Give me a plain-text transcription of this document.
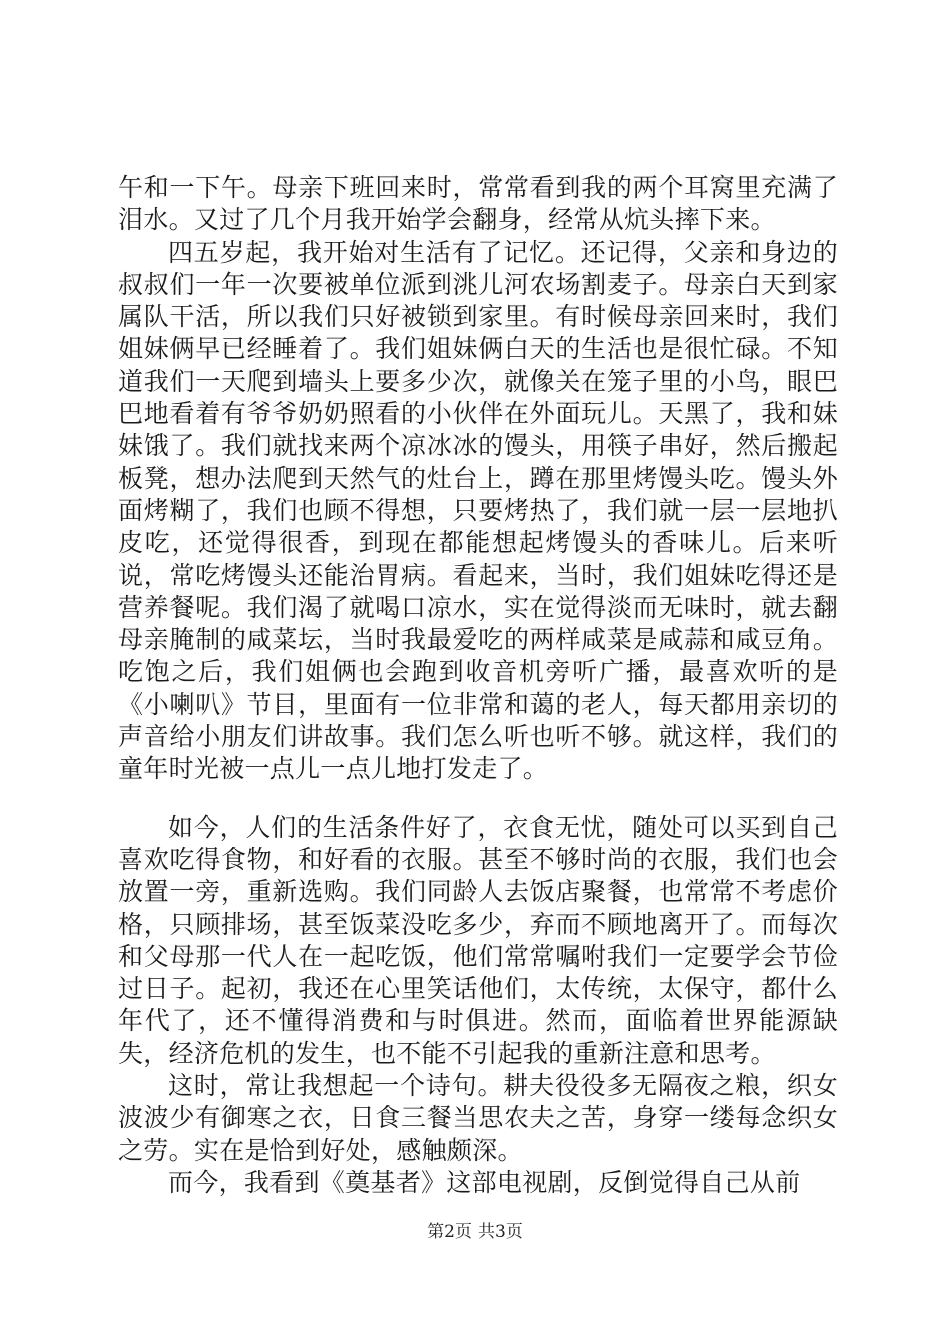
午和一下午。母亲下班回来时，常常看到我的两个耳窝里充满了泪水。又过了几个月我开始学会翻身，经常从炕头摔下来。

四五岁起，我开始对生活有了记忆。还记得，父亲和身边的叔叔们一年一次要被单位派到洮儿河农场割麦子。母亲白天到家属队干活，所以我们只好被锁到家里。有时候母亲回来时，我们姐妹俩早已经睡着了。我们姐妹俩白天的生活也是很忙碌。不知道我们一天爬到墙头上要多少次，就像关在笼子里的小鸟，眼巴巴地看着有爷爷奶奶照看的小伙伴在外面玩儿。天黑了，我和妹妹饿了。我们就找来两个凉冰冰的馒头，用筷子串好，然后搬起板凳，想办法爬到天然气的灶台上，蹲在那里烤馒头吃。馒头外面烤糊了，我们也顾不得想，只要烤热了，我们就一层一层地扒皮吃，还觉得很香，到现在都能想起烤馒头的香味儿。后来听说，常吃烤馒头还能治胃病。看起来，当时，我们姐妹吃得还是营养餐呢。我们渴了就喝口凉水，实在觉得淡而无味时，就去翻母亲腌制的咸菜坛，当时我最爱吃的两样咸菜是咸蒜和咸豆角。吃饱之后，我们姐俩也会跑到收音机旁听广播，最喜欢听的是《小喇叭》节目，里面有一位非常和蔼的老人，每天都用亲切的声音给小朋友们讲故事。我们怎么听也听不够。就这样，我们的童年时光被一点儿一点儿地打发走了。

如今，人们的生活条件好了，衣食无忧，随处可以买到自己喜欢吃得食物，和好看的衣服。甚至不够时尚的衣服，我们也会放置一旁，重新选购。我们同龄人去饭店聚餐，也常常不考虑价格，只顾排场，甚至饭菜没吃多少，弃而不顾地离开了。而每次和父母那一代人在一起吃饭，他们常常嘱咐我们一定要学会节俭过日子。起初，我还在心里笑话他们，太传统，太保守，都什么年代了，还不懂得消费和与时俱进。然而，面临着世界能源缺失，经济危机的发生，也不能不引起我的重新注意和思考。

这时，常让我想起一个诗句。耕夫役役多无隔夜之粮，织女波波少有御寒之衣，日食三餐当思农夫之苦，身穿一缕每念织女之劳。实在是恰到好处，感触颇深。

而今，我看到《奠基者》这部电视剧，反倒觉得自己从前

第2页 共3页
